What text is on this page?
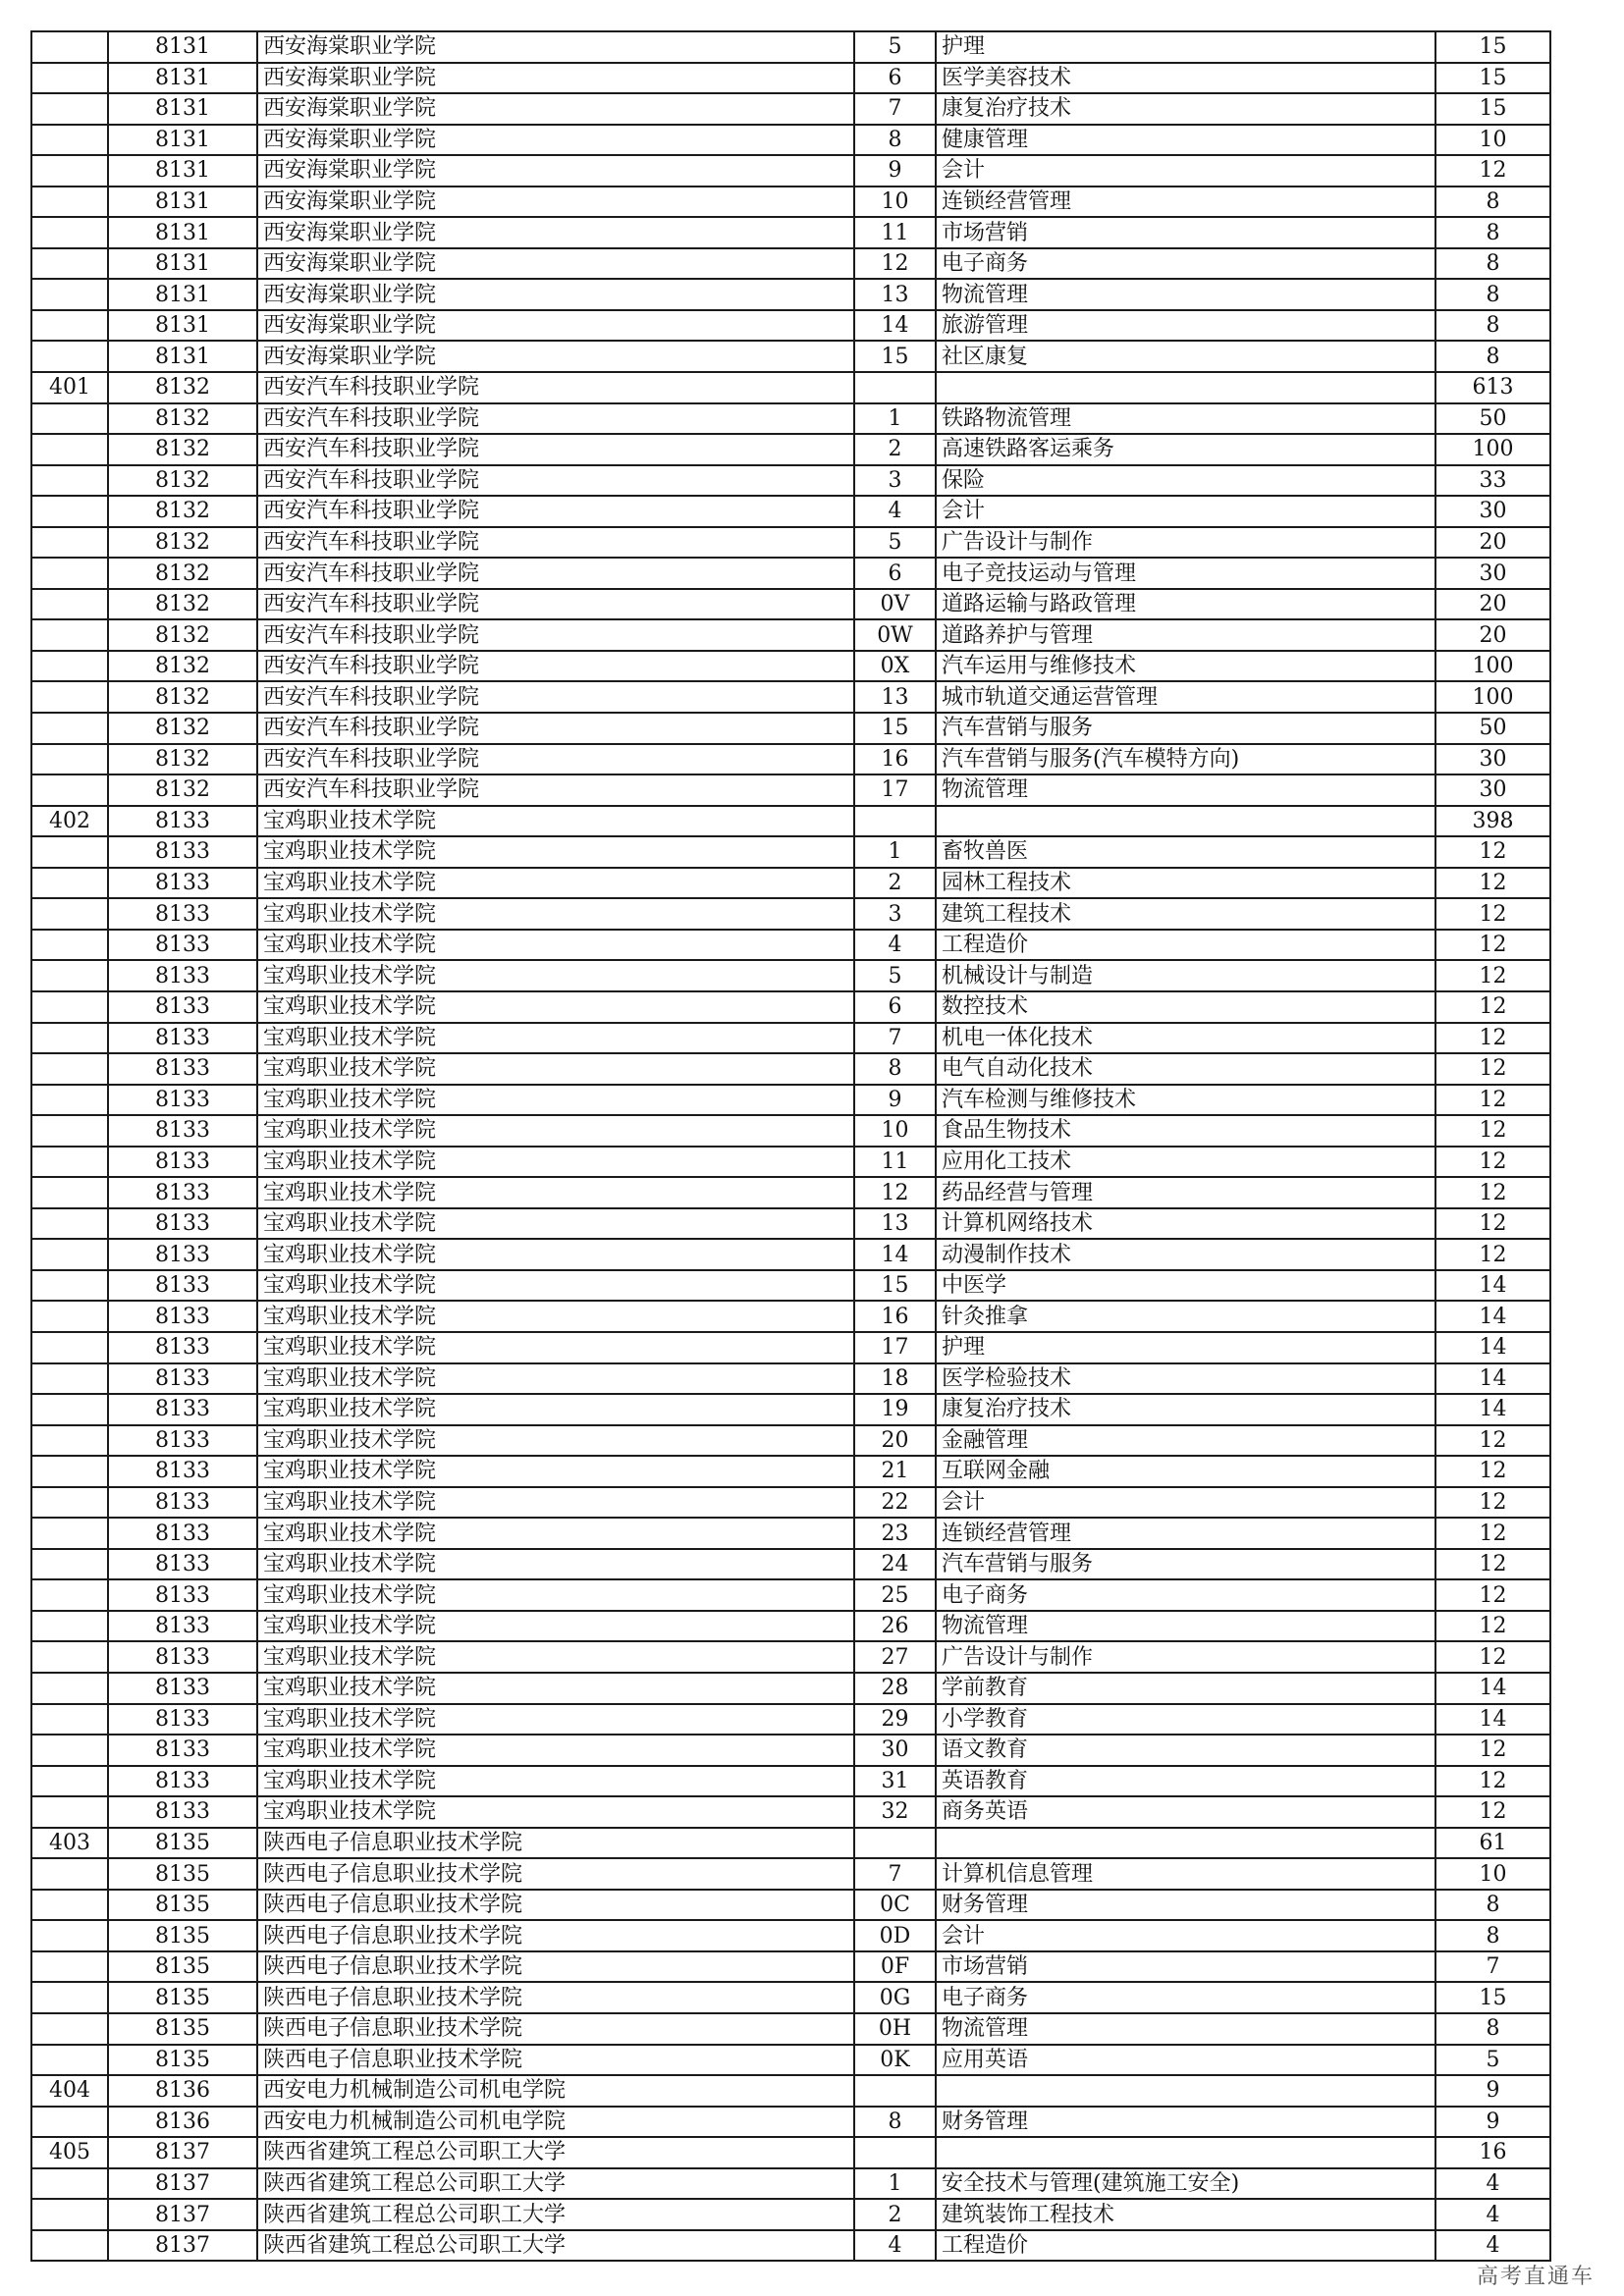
	8131	西安海棠职业学院	5	护理	15
	8131	西安海棠职业学院	6	医学美容技术	15
	8131	西安海棠职业学院	7	康复治疗技术	15
	8131	西安海棠职业学院	8	健康管理	10
	8131	西安海棠职业学院	9	会计	12
	8131	西安海棠职业学院	10	连锁经营管理	8
	8131	西安海棠职业学院	11	市场营销	8
	8131	西安海棠职业学院	12	电子商务	8
	8131	西安海棠职业学院	13	物流管理	8
	8131	西安海棠职业学院	14	旅游管理	8
	8131	西安海棠职业学院	15	社区康复	8
401	8132	西安汽车科技职业学院			613
	8132	西安汽车科技职业学院	1	铁路物流管理	50
	8132	西安汽车科技职业学院	2	高速铁路客运乘务	100
	8132	西安汽车科技职业学院	3	保险	33
	8132	西安汽车科技职业学院	4	会计	30
	8132	西安汽车科技职业学院	5	广告设计与制作	20
	8132	西安汽车科技职业学院	6	电子竞技运动与管理	30
	8132	西安汽车科技职业学院	0V	道路运输与路政管理	20
	8132	西安汽车科技职业学院	0W	道路养护与管理	20
	8132	西安汽车科技职业学院	0X	汽车运用与维修技术	100
	8132	西安汽车科技职业学院	13	城市轨道交通运营管理	100
	8132	西安汽车科技职业学院	15	汽车营销与服务	50
	8132	西安汽车科技职业学院	16	汽车营销与服务(汽车模特方向)	30
	8132	西安汽车科技职业学院	17	物流管理	30
402	8133	宝鸡职业技术学院			398
	8133	宝鸡职业技术学院	1	畜牧兽医	12
	8133	宝鸡职业技术学院	2	园林工程技术	12
	8133	宝鸡职业技术学院	3	建筑工程技术	12
	8133	宝鸡职业技术学院	4	工程造价	12
	8133	宝鸡职业技术学院	5	机械设计与制造	12
	8133	宝鸡职业技术学院	6	数控技术	12
	8133	宝鸡职业技术学院	7	机电一体化技术	12
	8133	宝鸡职业技术学院	8	电气自动化技术	12
	8133	宝鸡职业技术学院	9	汽车检测与维修技术	12
	8133	宝鸡职业技术学院	10	食品生物技术	12
	8133	宝鸡职业技术学院	11	应用化工技术	12
	8133	宝鸡职业技术学院	12	药品经营与管理	12
	8133	宝鸡职业技术学院	13	计算机网络技术	12
	8133	宝鸡职业技术学院	14	动漫制作技术	12
	8133	宝鸡职业技术学院	15	中医学	14
	8133	宝鸡职业技术学院	16	针灸推拿	14
	8133	宝鸡职业技术学院	17	护理	14
	8133	宝鸡职业技术学院	18	医学检验技术	14
	8133	宝鸡职业技术学院	19	康复治疗技术	14
	8133	宝鸡职业技术学院	20	金融管理	12
	8133	宝鸡职业技术学院	21	互联网金融	12
	8133	宝鸡职业技术学院	22	会计	12
	8133	宝鸡职业技术学院	23	连锁经营管理	12
	8133	宝鸡职业技术学院	24	汽车营销与服务	12
	8133	宝鸡职业技术学院	25	电子商务	12
	8133	宝鸡职业技术学院	26	物流管理	12
	8133	宝鸡职业技术学院	27	广告设计与制作	12
	8133	宝鸡职业技术学院	28	学前教育	14
	8133	宝鸡职业技术学院	29	小学教育	14
	8133	宝鸡职业技术学院	30	语文教育	12
	8133	宝鸡职业技术学院	31	英语教育	12
	8133	宝鸡职业技术学院	32	商务英语	12
403	8135	陕西电子信息职业技术学院			61
	8135	陕西电子信息职业技术学院	7	计算机信息管理	10
	8135	陕西电子信息职业技术学院	0C	财务管理	8
	8135	陕西电子信息职业技术学院	0D	会计	8
	8135	陕西电子信息职业技术学院	0F	市场营销	7
	8135	陕西电子信息职业技术学院	0G	电子商务	15
	8135	陕西电子信息职业技术学院	0H	物流管理	8
	8135	陕西电子信息职业技术学院	0K	应用英语	5
404	8136	西安电力机械制造公司机电学院			9
	8136	西安电力机械制造公司机电学院	8	财务管理	9
405	8137	陕西省建筑工程总公司职工大学			16
	8137	陕西省建筑工程总公司职工大学	1	安全技术与管理(建筑施工安全)	4
	8137	陕西省建筑工程总公司职工大学	2	建筑装饰工程技术	4
	8137	陕西省建筑工程总公司职工大学	4	工程造价	4
高考直通车
